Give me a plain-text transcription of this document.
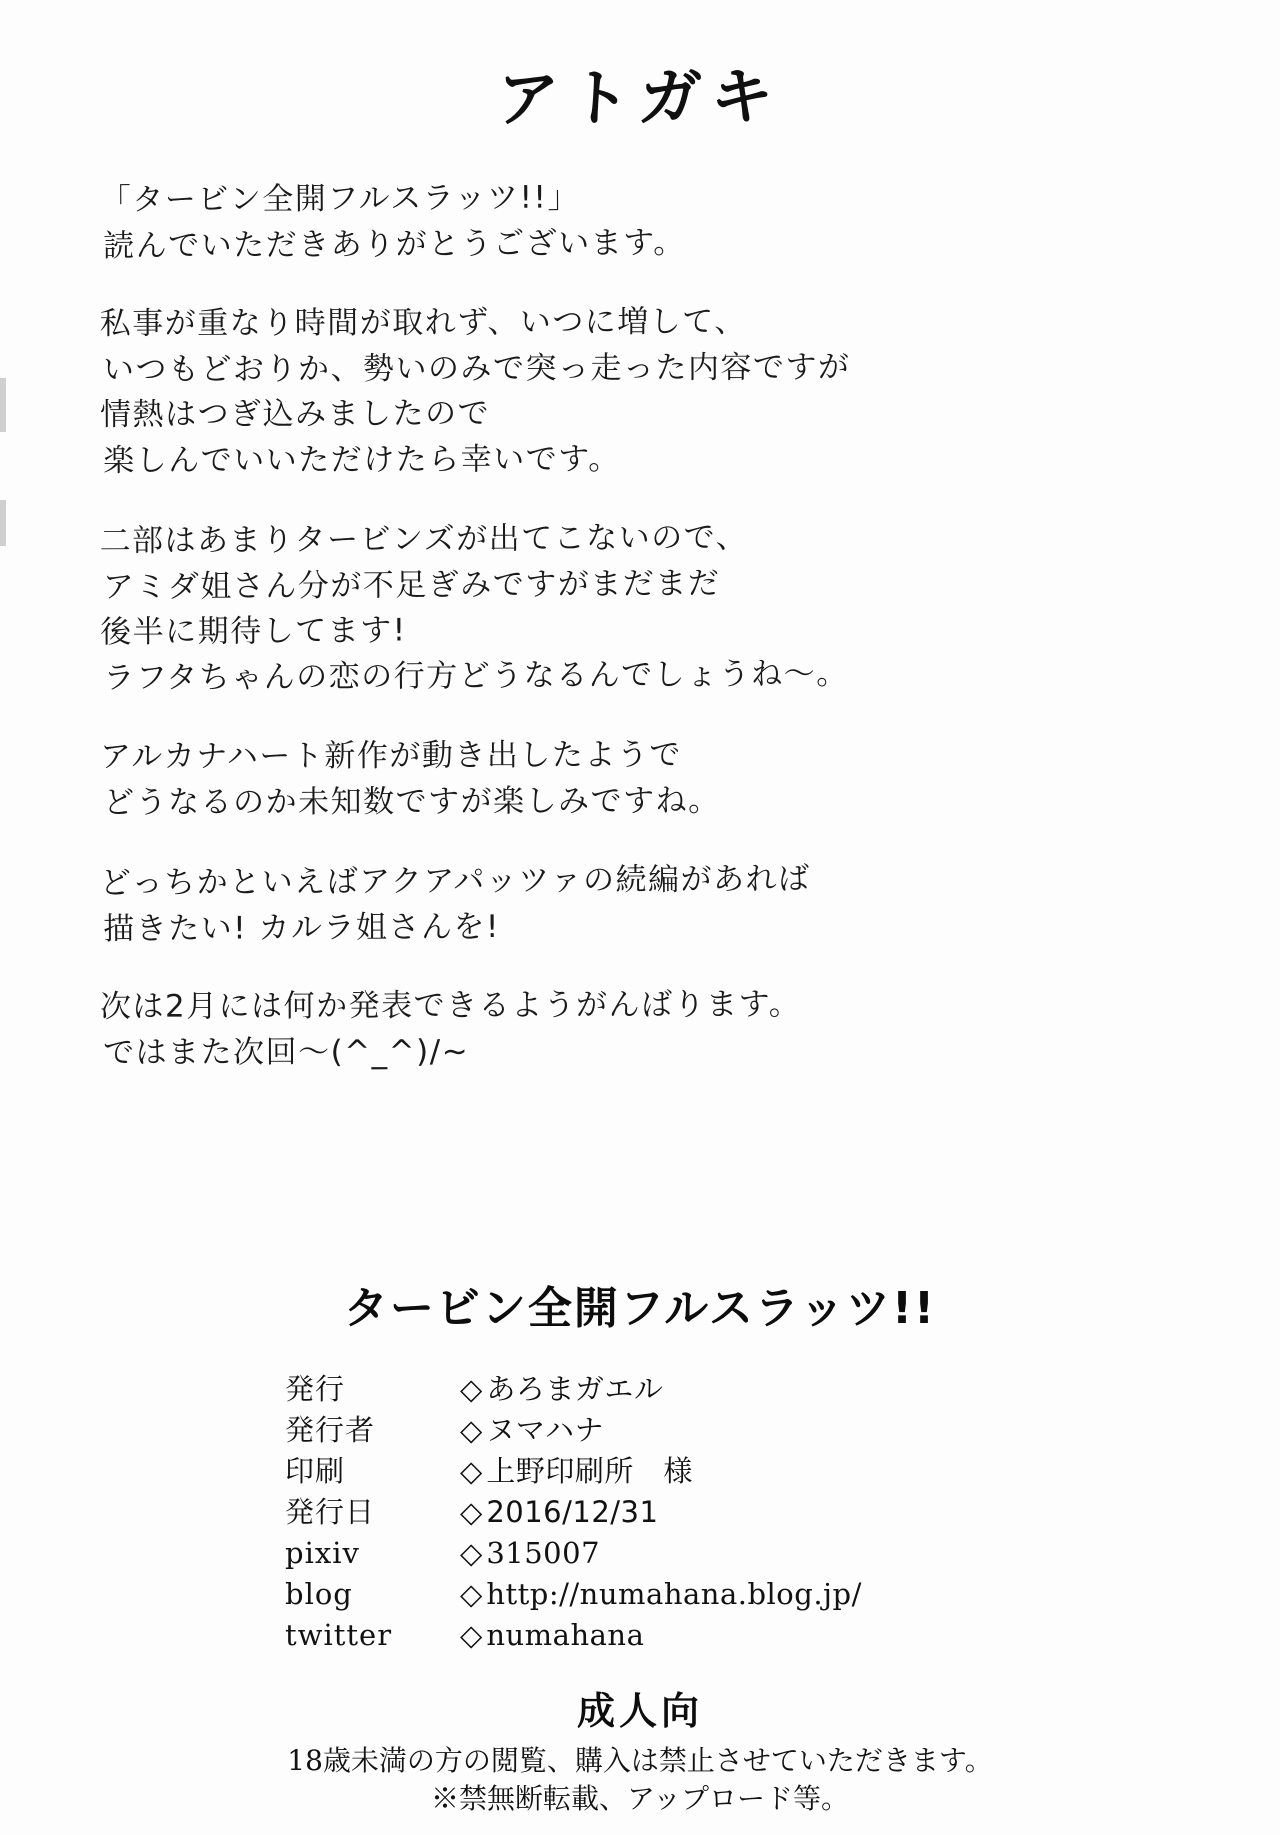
アトガキ
「タービン全開フルスラッツ!!」
読んでいただきありがとうございます。
私事が重なり時間が取れず、いつに増して、
いつもどおりか、勢いのみで突っ走った内容ですが
情熱はつぎ込みましたので
楽しんでいいただけたら幸いです。
二部はあまりタービンズが出てこないので、
アミダ姐さん分が不足ぎみですがまだまだ
後半に期待してます!
ラフタちゃんの恋の行方どうなるんでしょうね〜。
アルカナハート新作が動き出したようで
どうなるのか未知数ですが楽しみですね。
どっちかといえばアクアパッツァの続編があれば
描きたい! カルラ姐さんを!
次は2月には何か発表できるようがんばります。
ではまた次回〜(^_^)/~
タービン全開フルスラッツ!!
発行	◇ あろまガエル
発行者	◇ ヌマハナ
印刷	◇ 上野印刷所　様
発行日	◇ 2016/12/31
pixiv	◇ 315007
blog	◇ http://numahana.blog.jp/
twitter	◇ numahana
成人向
18歳未満の方の閲覧、購入は禁止させていただきます。
※禁無断転載、アップロード等。
